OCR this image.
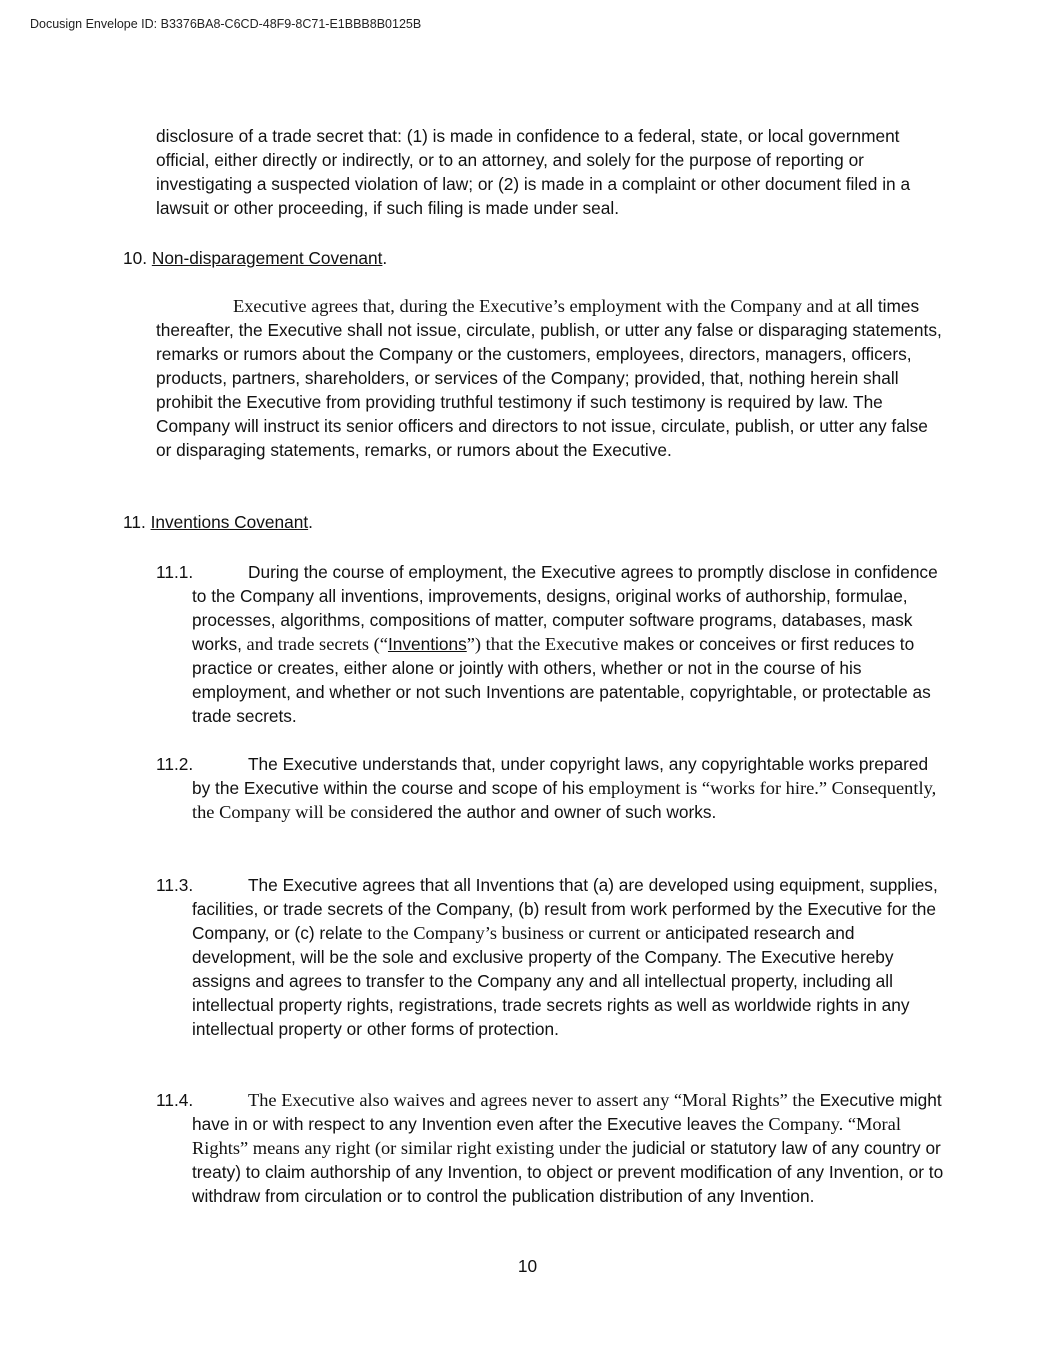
Docusign Envelope ID: B3376BA8-C6CD-48F9-8C71-E1BBB8B0125B

disclosure of a trade secret that: (1) is made in confidence to a federal, state, or local government official, either directly or indirectly, or to an attorney, and solely for the purpose of reporting or investigating a suspected violation of law; or (2) is made in a complaint or other document filed in a lawsuit or other proceeding, if such filing is made under seal.

10. Non-disparagement Covenant.

Executive agrees that, during the Executive’s employment with the Company and at all times thereafter, the Executive shall not issue, circulate, publish, or utter any false or disparaging statements, remarks or rumors about the Company or the customers, employees, directors, managers, officers, products, partners, shareholders, or services of the Company; provided, that, nothing herein shall prohibit the Executive from providing truthful testimony if such testimony is required by law. The Company will instruct its senior officers and directors to not issue, circulate, publish, or utter any false or disparaging statements, remarks, or rumors about the Executive.

11. Inventions Covenant.
11.1.	During the course of employment, the Executive agrees to promptly disclose in confidence to the Company all inventions, improvements, designs, original works of authorship, formulae, processes, algorithms, compositions of matter, computer software programs, databases, mask works, and trade secrets (“Inventions”) that the Executive makes or conceives or first reduces to practice or creates, either alone or jointly with others, whether or not in the course of his employment, and whether or not such Inventions are patentable, copyrightable, or protectable as trade secrets.

11.2.	The Executive understands that, under copyright laws, any copyrightable works prepared by the Executive within the course and scope of his employment is “works for hire.” Consequently, the Company will be considered the author and owner of such works.

11.3.	The Executive agrees that all Inventions that (a) are developed using equipment, supplies, facilities, or trade secrets of the Company, (b) result from work performed by the Executive for the Company, or (c) relate to the Company’s business or current or anticipated research and development, will be the sole and exclusive property of the Company. The Executive hereby assigns and agrees to transfer to the Company any and all intellectual property, including all intellectual property rights, registrations, trade secrets rights as well as worldwide rights in any intellectual property or other forms of protection.

11.4.	The Executive also waives and agrees never to assert any “Moral Rights” the Executive might have in or with respect to any Invention even after the Executive leaves the Company. “Moral Rights” means any right (or similar right existing under the judicial or statutory law of any country or treaty) to claim authorship of any Invention, to object or prevent modification of any Invention, or to withdraw from circulation or to control the publication distribution of any Invention.

10
